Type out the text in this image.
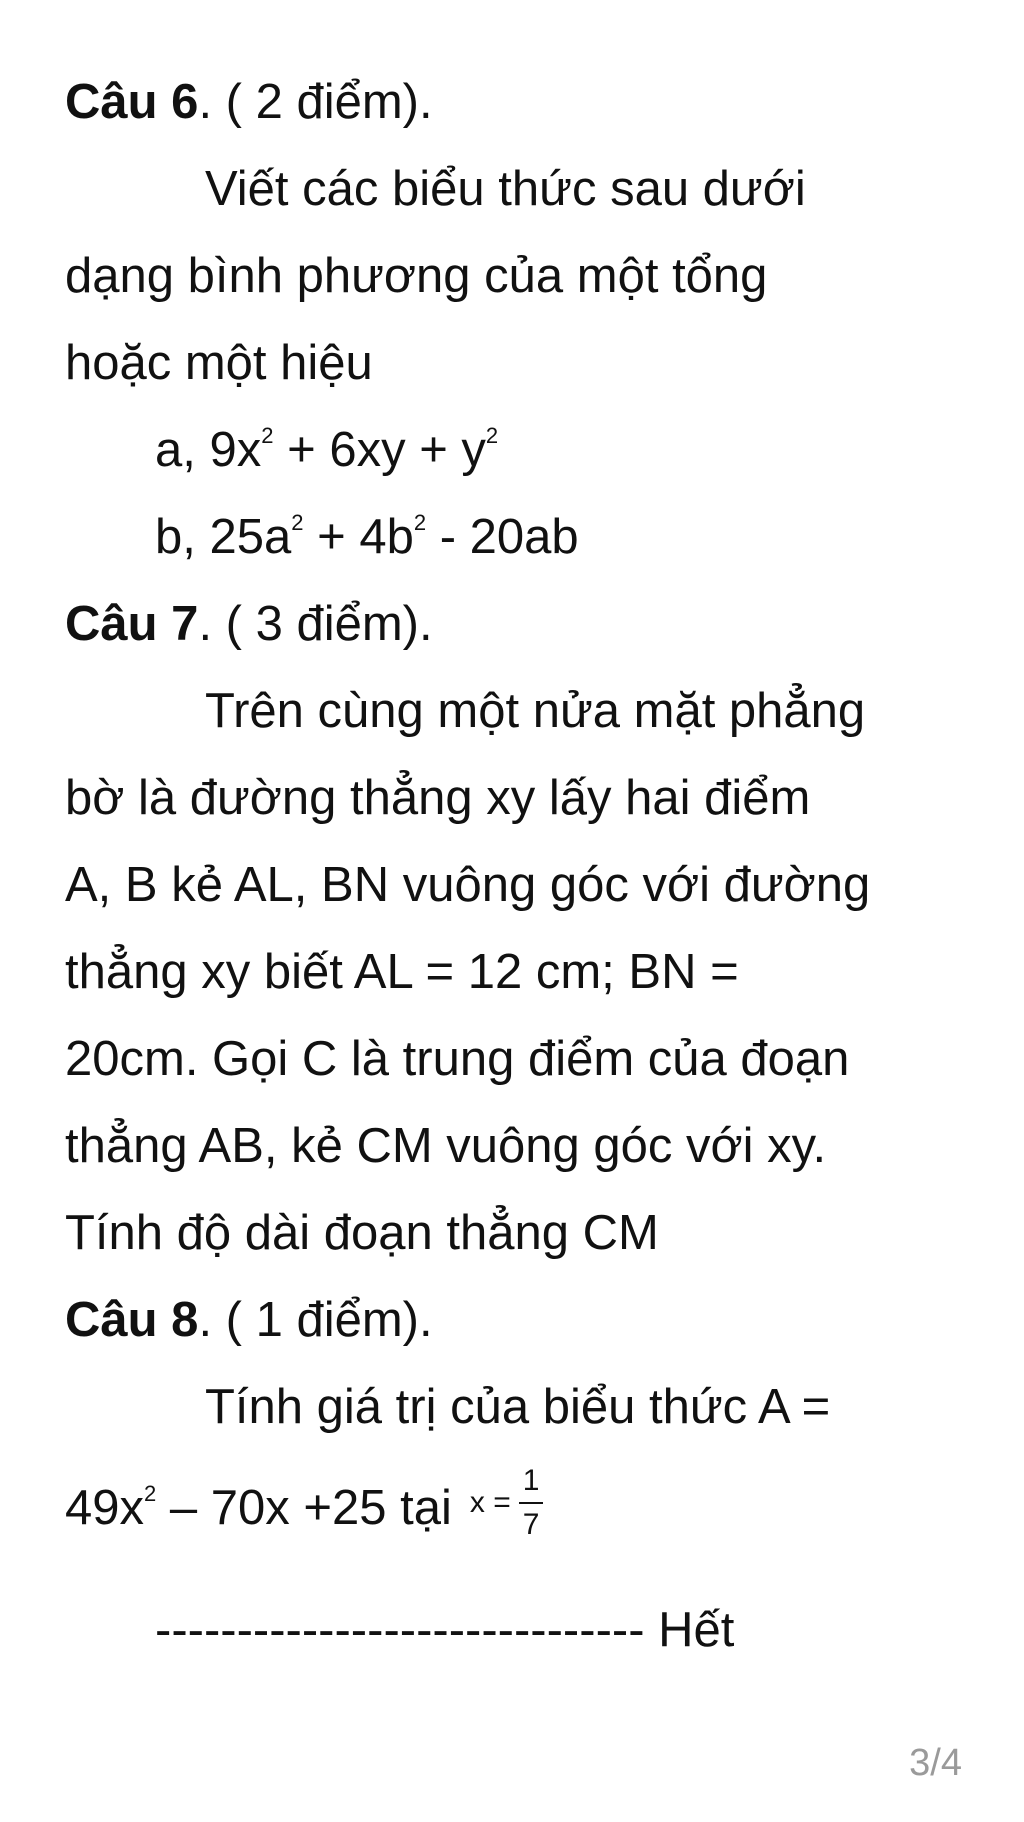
Câu 6. ( 2 điểm).
Viết các biểu thức sau dưới
dạng bình phương của một tổng
hoặc một hiệu
a, $9x^2 + 6xy + y^2$
b, $25a^2 + 4b^2 - 20ab$
Câu 7. ( 3 điểm).
Trên cùng một nửa mặt phẳng
bờ là đường thẳng xy lấy hai điểm
A, B kẻ AL, BN vuông góc với đường
thẳng xy biết AL = 12 cm; BN =
20cm. Gọi C là trung điểm của đoạn
thẳng AB, kẻ CM vuông góc với xy.
Tính độ dài đoạn thẳng CM
Câu 8. ( 1 điểm).
Tính giá trị của biểu thức A =
$49x^2 - 70x +25$ tại $x = \frac{1}{7}$
------------------------------ Hết
3/4
